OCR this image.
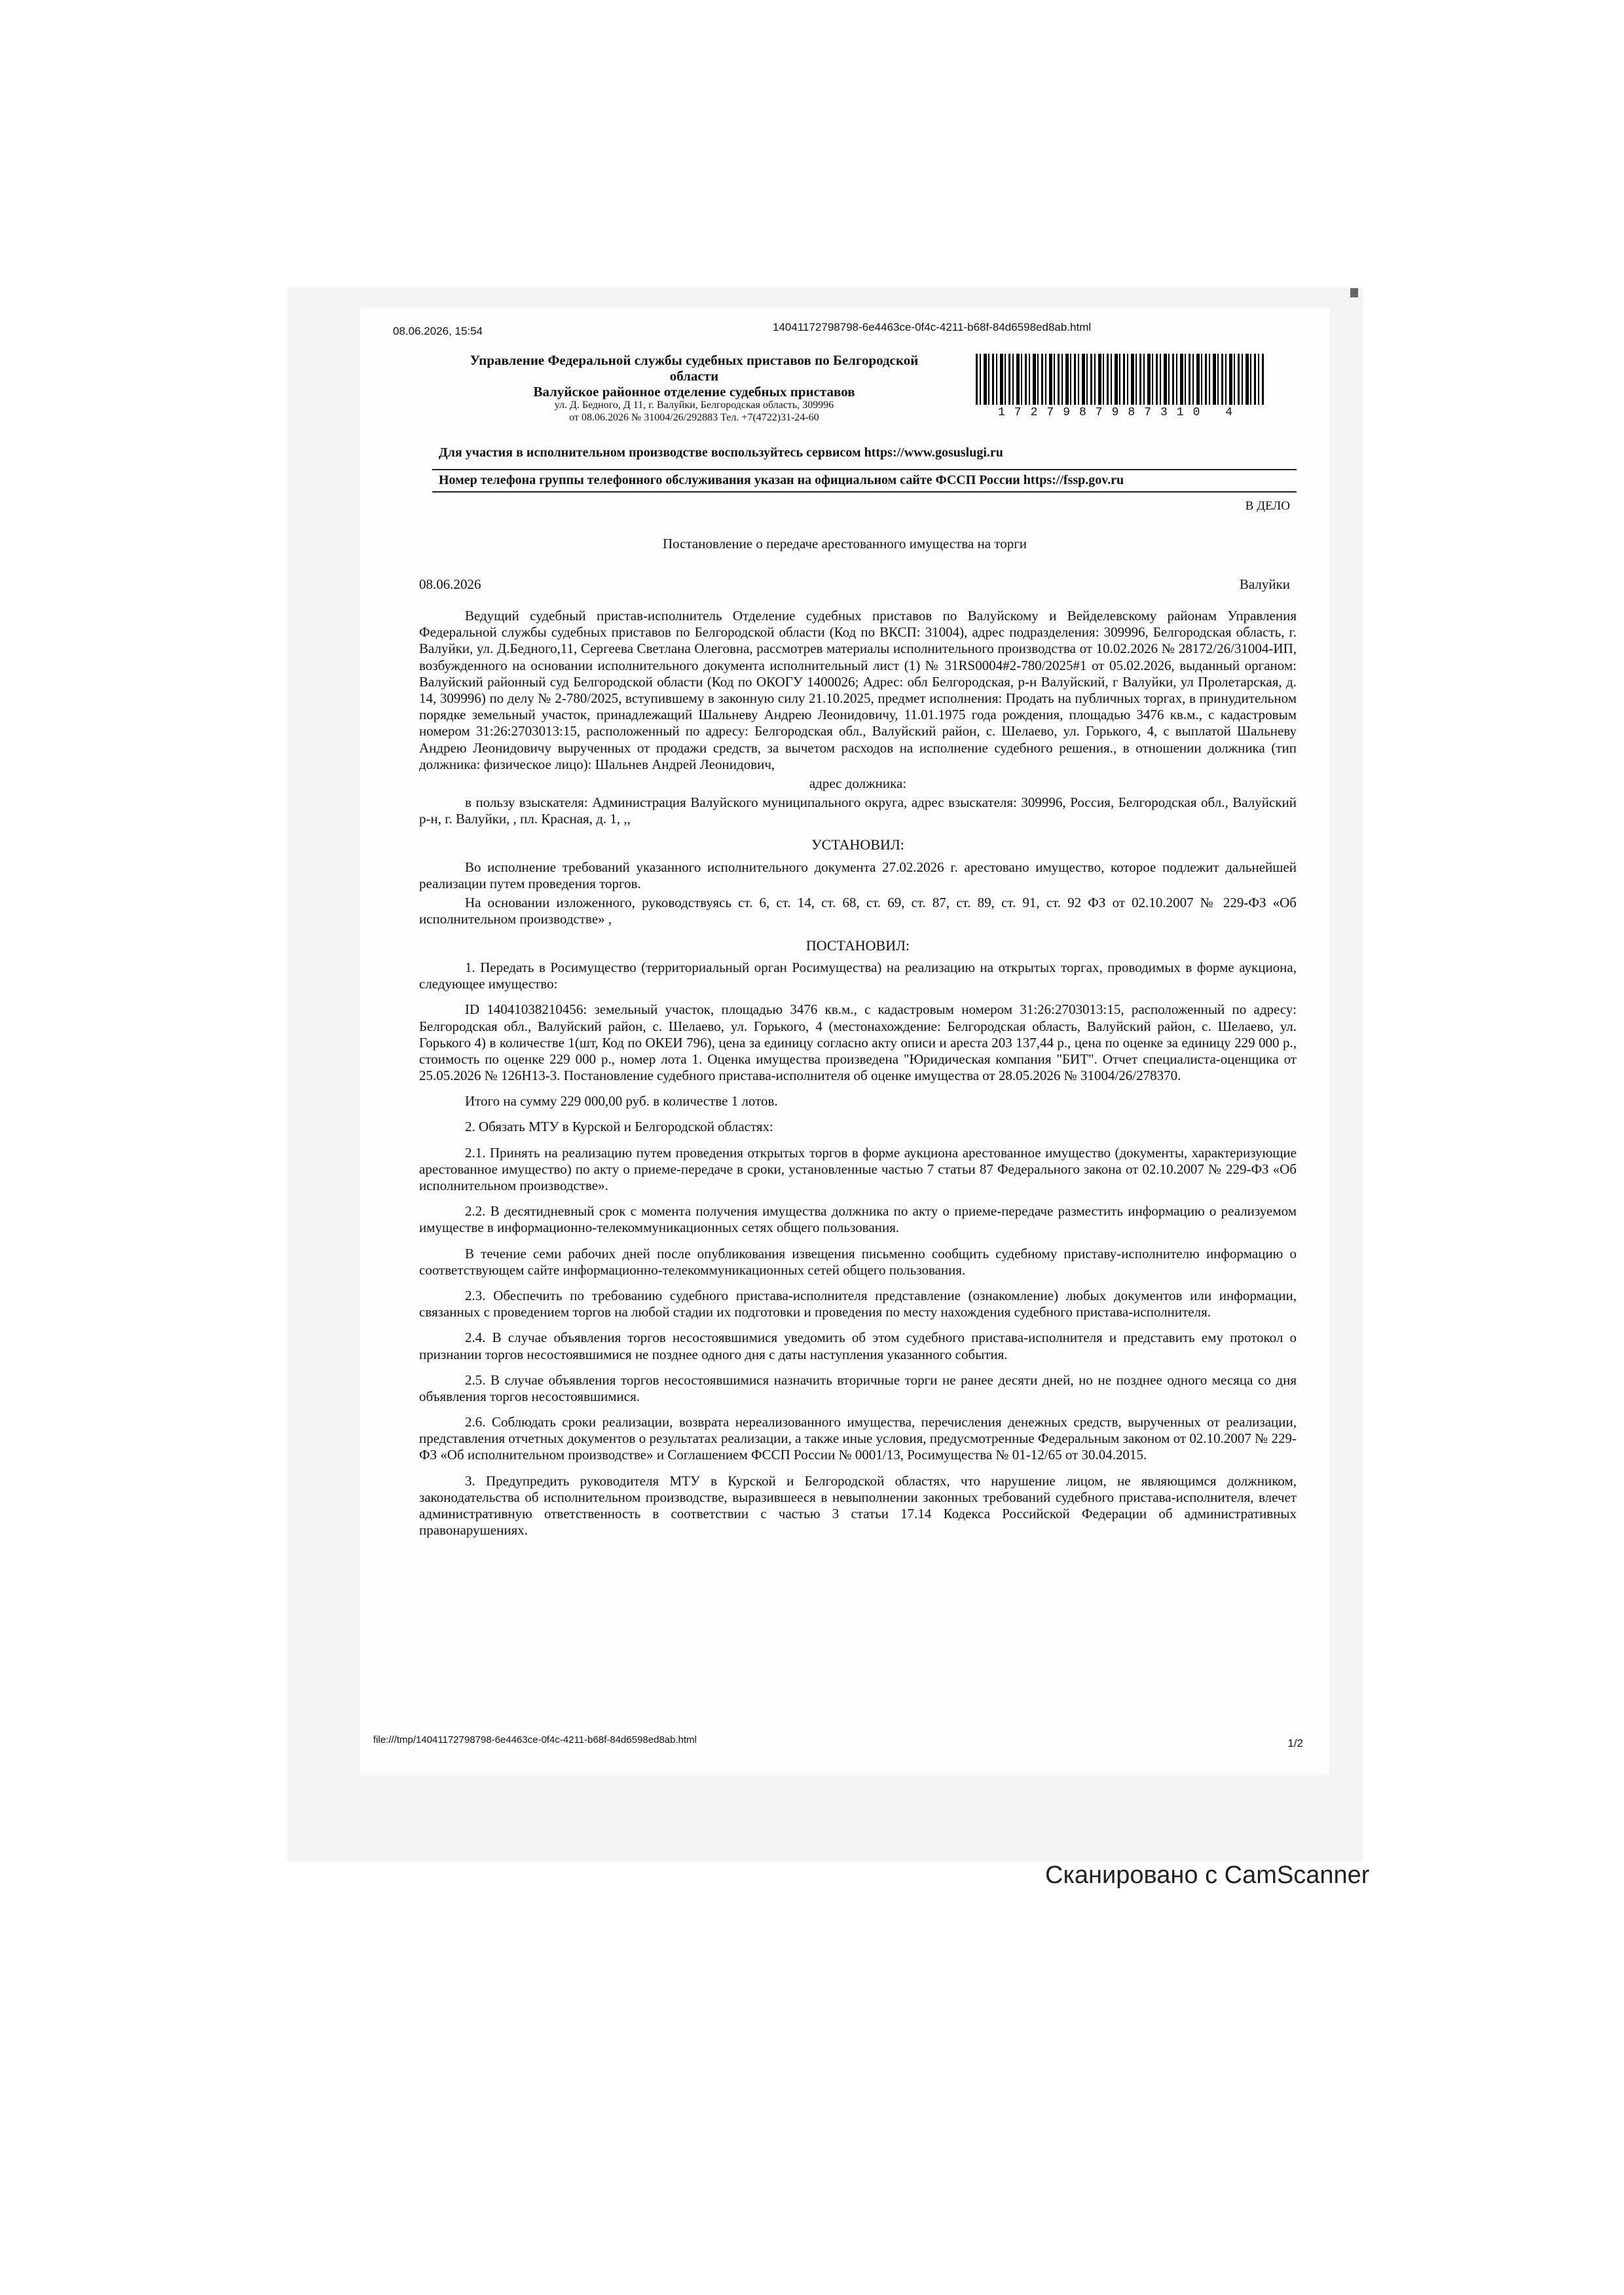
08.06.2026, 15:54	14041172798798-6e4463ce-0f4c-4211-b68f-84d6598ed8ab.html
Управление Федеральной службы судебных приставов по Белгородской
области
Валуйское районное отделение судебных приставов
ул. Д. Бедного, Д 11, г. Валуйки, Белгородская область, 309996
от 08.06.2026 № 31004/26/292883 Тел. +7(4722)31-24-60	1727987987310 4
Для участия в исполнительном производстве воспользуйтесь сервисом https://www.gosuslugi.ru
Номер телефона группы телефонного обслуживания указан на официальном сайте ФССП России https://fssp.gov.ru
В ДЕЛО
Постановление о передаче арестованного имущества на торги
08.06.2026	Валуйки

Ведущий судебный пристав-исполнитель Отделение судебных приставов по Валуйскому и Вейделевскому районам Управления Федеральной службы судебных приставов по Белгородской области (Код по ВКСП: 31004), адрес подразделения: 309996, Белгородская область, г. Валуйки, ул. Д.Бедного,11, Сергеева Светлана Олеговна, рассмотрев материалы исполнительного производства от 10.02.2026 № 28172/26/31004-ИП, возбужденного на основании исполнительного документа исполнительный лист (1) № 31RS0004#2-780/2025#1 от 05.02.2026, выданный органом: Валуйский районный суд Белгородской области (Код по ОКОГУ 1400026; Адрес: обл Белгородская, р-н Валуйский, г Валуйки, ул Пролетарская, д. 14, 309996) по делу № 2-780/2025, вступившему в законную силу 21.10.2025, предмет исполнения: Продать на публичных торгах, в принудительном порядке земельный участок, принадлежащий Шальневу Андрею Леонидовичу, 11.01.1975 года рождения, площадью 3476 кв.м., с кадастровым номером 31:26:2703013:15, расположенный по адресу: Белгородская обл., Валуйский район, с. Шелаево, ул. Горького, 4, с выплатой Шальневу Андрею Леонидовичу вырученных от продажи средств, за вычетом расходов на исполнение судебного решения., в отношении должника (тип должника: физическое лицо): Шальнев Андрей Леонидович,

адрес должника:

в пользу взыскателя: Администрация Валуйского муниципального округа, адрес взыскателя: 309996, Россия, Белгородская обл., Валуйский р-н, г. Валуйки, , пл. Красная, д. 1, ,,

УСТАНОВИЛ:

Во исполнение требований указанного исполнительного документа 27.02.2026 г. арестовано имущество, которое подлежит дальнейшей реализации путем проведения торгов.

На основании изложенного, руководствуясь ст. 6, ст. 14, ст. 68, ст. 69, ст. 87, ст. 89, ст. 91, ст. 92 ФЗ от 02.10.2007 № 229-ФЗ «Об исполнительном производстве» ,

ПОСТАНОВИЛ:

1. Передать в Росимущество (территориальный орган Росимущества) на реализацию на открытых торгах, проводимых в форме аукциона, следующее имущество:

ID 14041038210456: земельный участок, площадью 3476 кв.м., с кадастровым номером 31:26:2703013:15, расположенный по адресу: Белгородская обл., Валуйский район, с. Шелаево, ул. Горького, 4 (местонахождение: Белгородская область, Валуйский район, с. Шелаево, ул. Горького 4) в количестве 1(шт, Код по ОКЕИ 796), цена за единицу согласно акту описи и ареста 203 137,44 р., цена по оценке за единицу 229 000 р., стоимость по оценке 229 000 р., номер лота 1. Оценка имущества произведена "Юридическая компания "БИТ". Отчет специалиста-оценщика от 25.05.2026 № 126Н13-3. Постановление судебного пристава-исполнителя об оценке имущества от 28.05.2026 № 31004/26/278370.

Итого на сумму 229 000,00 руб. в количестве 1 лотов.

2. Обязать МТУ в Курской и Белгородской областях:

2.1. Принять на реализацию путем проведения открытых торгов в форме аукциона арестованное имущество (документы, характеризующие арестованное имущество) по акту о приеме-передаче в сроки, установленные частью 7 статьи 87 Федерального закона от 02.10.2007 № 229-ФЗ «Об исполнительном производстве».

2.2. В десятидневный срок с момента получения имущества должника по акту о приеме-передаче разместить информацию о реализуемом имуществе в информационно-телекоммуникационных сетях общего пользования.

В течение семи рабочих дней после опубликования извещения письменно сообщить судебному приставу-исполнителю информацию о соответствующем сайте информационно-телекоммуникационных сетей общего пользования.

2.3. Обеспечить по требованию судебного пристава-исполнителя представление (ознакомление) любых документов или информации, связанных с проведением торгов на любой стадии их подготовки и проведения по месту нахождения судебного пристава-исполнителя.

2.4. В случае объявления торгов несостоявшимися уведомить об этом судебного пристава-исполнителя и представить ему протокол о признании торгов несостоявшимися не позднее одного дня с даты наступления указанного события.

2.5. В случае объявления торгов несостоявшимися назначить вторичные торги не ранее десяти дней, но не позднее одного месяца со дня объявления торгов несостоявшимися.

2.6. Соблюдать сроки реализации, возврата нереализованного имущества, перечисления денежных средств, вырученных от реализации, представления отчетных документов о результатах реализации, а также иные условия, предусмотренные Федеральным законом от 02.10.2007 № 229-ФЗ «Об исполнительном производстве» и Соглашением ФССП России № 0001/13, Росимущества № 01-12/65 от 30.04.2015.

3. Предупредить руководителя МТУ в Курской и Белгородской областях, что нарушение лицом, не являющимся должником, законодательства об исполнительном производстве, выразившееся в невыполнении законных требований судебного пристава-исполнителя, влечет административную ответственность в соответствии с частью 3 статьи 17.14 Кодекса Российской Федерации об административных правонарушениях.

file:///tmp/14041172798798-6e4463ce-0f4c-4211-b68f-84d6598ed8ab.html	1/2
Сканировано с CamScanner
